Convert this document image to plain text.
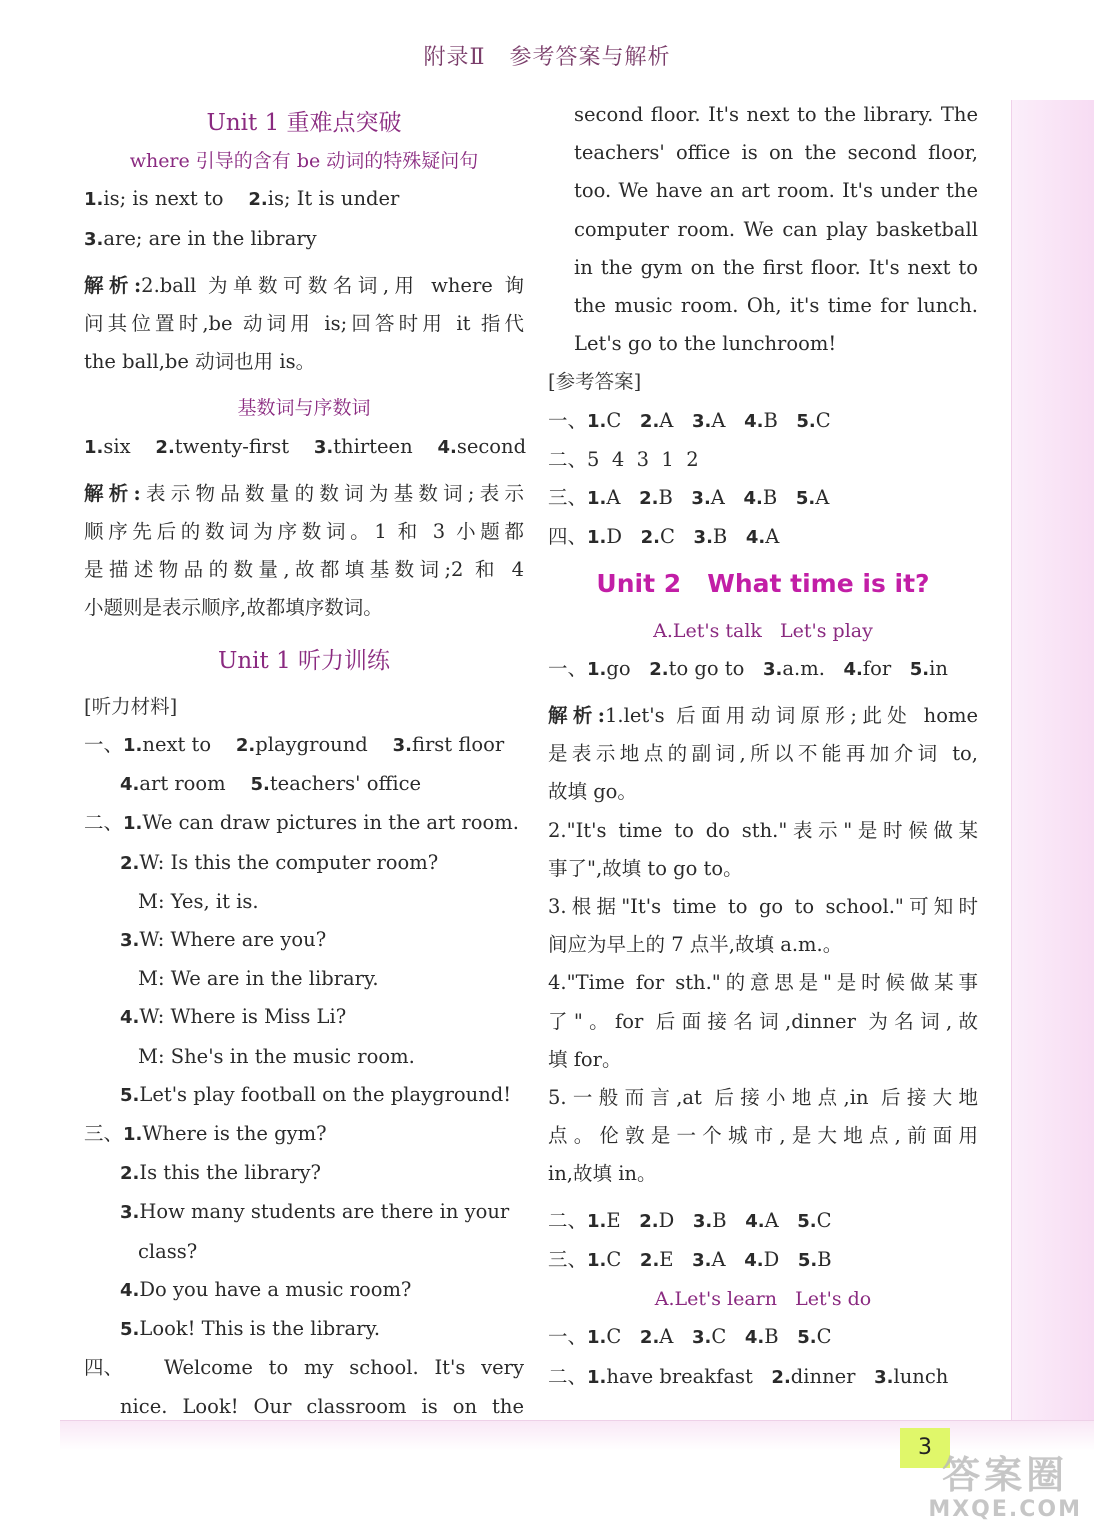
附录Ⅱ 参考答案与解析
3
答案圈
MXQE.COM

Unit 1 重难点突破

where 引导的含有 be 动词的特殊疑问句

1.is; is next to 2.is; It is under

3.are; are in the library

解析:2.ball 为单数可数名词,用 where 询

问其位置时,be 动词用 is;回答时用 it 指代

the ball,be 动词也用 is。

基数词与序数词

1.six 2.twenty-first 3.thirteen 4.second

解析:表示物品数量的数词为基数词;表示

顺序先后的数词为序数词。1 和 3 小题都

是描述物品的数量,故都填基数词;2 和 4

小题则是表示顺序,故都填序数词。

Unit 1 听力训练

[听力材料]

一、1.next to 2.playground 3.first floor

4.art room 5.teachers' office

二、1.We can draw pictures in the art room.

2.W: Is this the computer room?

M: Yes, it is.

3.W: Where are you?

M: We are in the library.

4.W: Where is Miss Li?

M: She's in the music room.

5.Let's play football on the playground!

三、1.Where is the gym?

2.Is this the library?

3.How many students are there in your

class?

4.Do you have a music room?

5.Look! This is the library.

四、	Welcome to my school. It's very

nice. Look! Our classroom is on the

second floor. It's next to the library. The

teachers' office is on the second floor,

too. We have an art room. It's under the

computer room. We can play basketball

in the gym on the first floor. It's next to

the music room. Oh, it's time for lunch.

Let's go to the lunchroom!

[参考答案]

一、1.C 2.A 3.A 4.B 5.C

二、5  4  3  1  2

三、1.A 2.B 3.A 4.B 5.A

四、1.D 2.C 3.B 4.A

Unit 2   What time is it?

A.Let's talk   Let's play

一、1.go 2.to go to 3.a.m. 4.for 5.in

解析:1.let's 后面用动词原形;此处 home

是表示地点的副词,所以不能再加介词 to,

故填 go。

2."It's time to do sth."表示"是时候做某

事了",故填 to go to。

3.根据"It's time to go to school."可知时

间应为早上的 7 点半,故填 a.m.。

4."Time for sth."的意思是"是时候做某事

了"。for 后面接名词,dinner 为名词,故

填 for。

5.一般而言,at 后接小地点,in 后接大地

点。伦敦是一个城市,是大地点,前面用

in,故填 in。

二、1.E 2.D 3.B 4.A 5.C

三、1.C 2.E 3.A 4.D 5.B

A.Let's learn   Let's do

一、1.C 2.A 3.C 4.B 5.C

二、1.have breakfast 2.dinner 3.lunch
